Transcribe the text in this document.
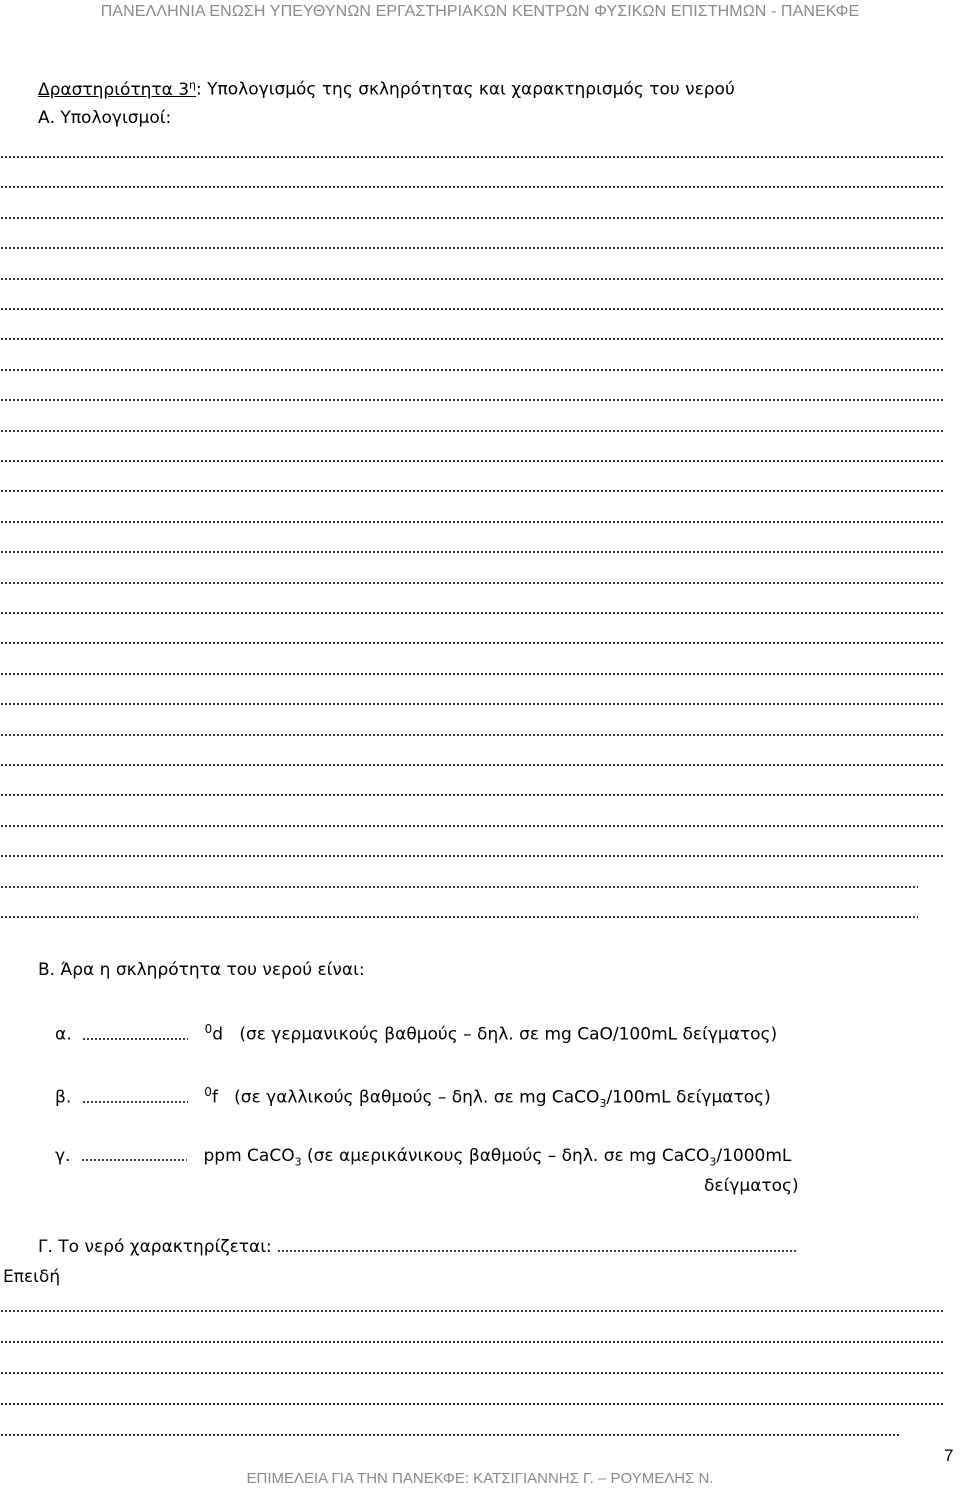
ΠΑΝΕΛΛΗΝΙΑ ΕΝΩΣΗ ΥΠΕΥΘΥΝΩΝ ΕΡΓΑΣΤΗΡΙΑΚΩΝ ΚΕΝΤΡΩΝ ΦΥΣΙΚΩΝ ΕΠΙΣΤΗΜΩΝ - ΠΑΝΕΚΦΕ
Δραστηριότητα $3^\eta$: Υπολογισμός της σκληρότητας και χαρακτηρισμός του νερού
Α. Υπολογισμοί:
Β. Άρα η σκληρότητα του νερού είναι:
α.	$^0$d (σε γερμανικούς βαθμούς – δηλ. σε mg CaO/100mL δείγματος)
β.	$^0$f (σε γαλλικούς βαθμούς – δηλ. σε mg CaCO$_3$/100mL δείγματος)
γ.	ppm CaCO$_3$ (σε αμερικάνικους βαθμούς – δηλ. σε mg CaCO$_3$/1000mL
δείγματος)
Γ. Το νερό χαρακτηρίζεται:
Επειδή
7
ΕΠΙΜΕΛΕΙΑ ΓΙΑ ΤΗΝ ΠΑΝΕΚΦΕ: ΚΑΤΣΙΓΙΑΝΝΗΣ Γ. – ΡΟΥΜΕΛΗΣ Ν.
